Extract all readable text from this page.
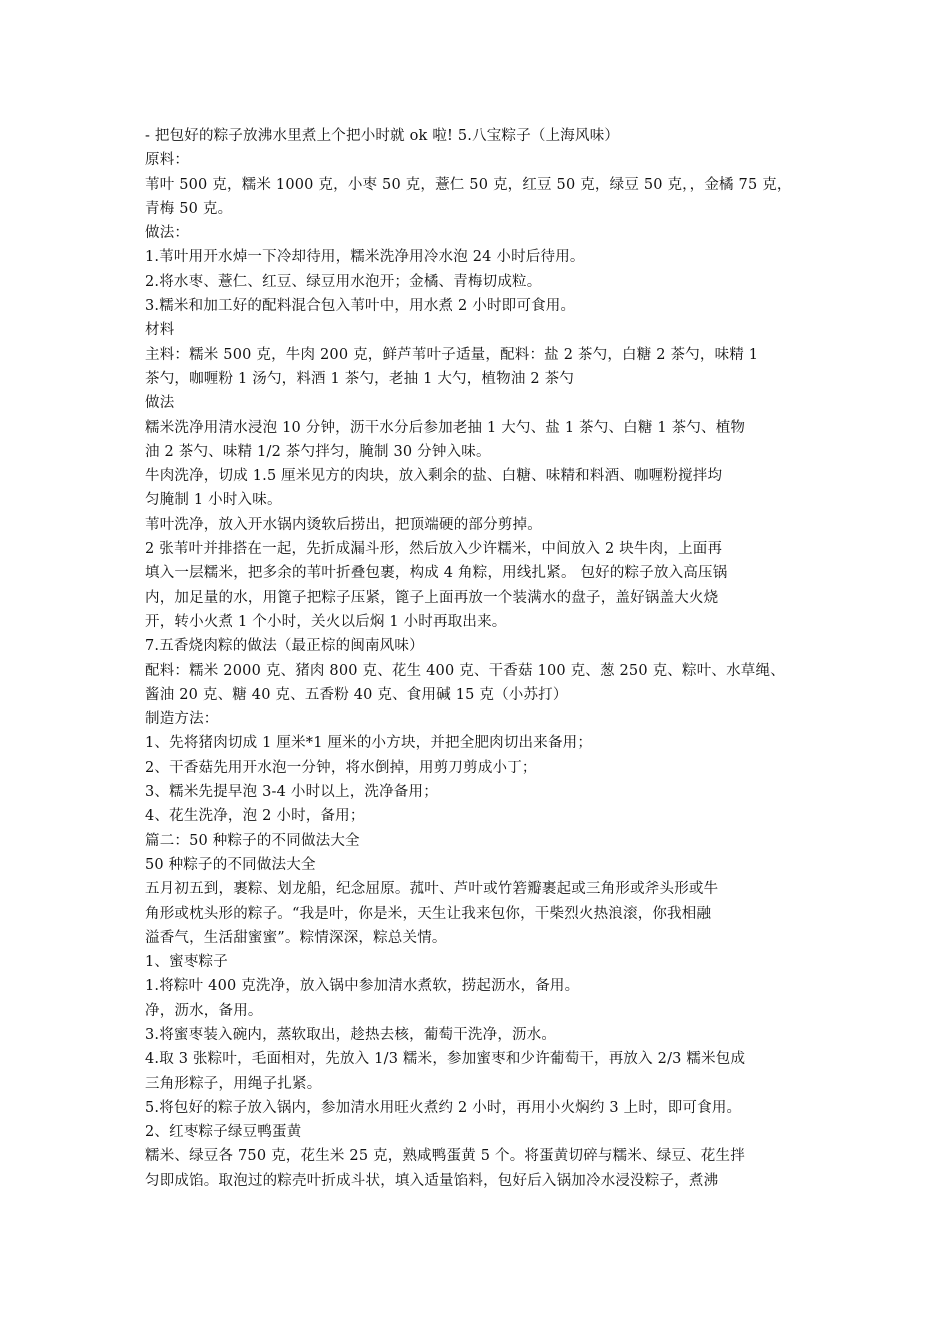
- 把包好的粽子放沸水里煮上个把小时就 ok 啦! 5.八宝粽子（上海风味）
原料：
苇叶 500 克，糯米 1000 克，小枣 50 克，薏仁 50 克，红豆 50 克，绿豆 50 克，，金橘 75 克，
青梅 50 克。
做法：
1.苇叶用开水焯一下冷却待用，糯米洗净用冷水泡 24 小时后待用。
2.将水枣、薏仁、红豆、绿豆用水泡开；金橘、青梅切成粒。
3.糯米和加工好的配料混合包入苇叶中，用水煮 2 小时即可食用。
材料
主料：糯米 500 克，牛肉 200 克，鲜芦苇叶子适量，配料：盐 2 茶勺，白糖 2 茶勺，味精 1
茶勺，咖喱粉 1 汤勺，料酒 1 茶勺，老抽 1 大勺，植物油 2 茶勺
做法
糯米洗净用清水浸泡 10 分钟，沥干水分后参加老抽 1 大勺、盐 1 茶勺、白糖 1 茶勺、植物
油 2 茶勺、味精 1/2 茶勺拌匀，腌制 30 分钟入味。
牛肉洗净，切成 1.5 厘米见方的肉块，放入剩余的盐、白糖、味精和料酒、咖喱粉搅拌均
匀腌制 1 小时入味。
苇叶洗净，放入开水锅内烫软后捞出，把顶端硬的部分剪掉。
2 张苇叶并排搭在一起，先折成漏斗形，然后放入少许糯米，中间放入 2 块牛肉，上面再
填入一层糯米，把多余的苇叶折叠包裹，构成 4 角粽，用线扎紧。 包好的粽子放入高压锅
内，加足量的水，用篦子把粽子压紧，篦子上面再放一个装满水的盘子，盖好锅盖大火烧
开，转小火煮 1 个小时，关火以后焖 1 小时再取出来。
7.五香烧肉粽的做法（最正棕的闽南风味）
配料：糯米 2000 克、猪肉 800 克、花生 400 克、干香菇 100 克、葱 250 克、粽叶、水草绳、
酱油 20 克、糖 40 克、五香粉 40 克、食用碱 15 克（小苏打）
制造方法：
1、先将猪肉切成 1 厘米*1 厘米的小方块，并把全肥肉切出来备用；
2、干香菇先用开水泡一分钟，将水倒掉，用剪刀剪成小丁；
3、糯米先提早泡 3-4 小时以上，洗净备用；
4、花生洗净，泡 2 小时，备用；
篇二：50 种粽子的不同做法大全
50 种粽子的不同做法大全
五月初五到，裹粽、划龙船，纪念屈原。菰叶、芦叶或竹箬瓣裹起或三角形或斧头形或牛
角形或枕头形的粽子。“我是叶，你是米，天生让我来包你，干柴烈火热浪滚，你我相融
溢香气，生活甜蜜蜜”。粽情深深，粽总关情。
1、蜜枣粽子
1.将粽叶 400 克洗净，放入锅中参加清水煮软，捞起沥水，备用。
净，沥水，备用。
3.将蜜枣装入碗内，蒸软取出，趁热去核，葡萄干洗净，沥水。
4.取 3 张粽叶，毛面相对，先放入 1/3 糯米，参加蜜枣和少许葡萄干，再放入 2/3 糯米包成
三角形粽子，用绳子扎紧。
5.将包好的粽子放入锅内，参加清水用旺火煮约 2 小时，再用小火焖约 3 上时，即可食用。
2、红枣粽子绿豆鸭蛋黄
糯米、绿豆各 750 克，花生米 25 克，熟咸鸭蛋黄 5 个。将蛋黄切碎与糯米、绿豆、花生拌
匀即成馅。取泡过的粽壳叶折成斗状，填入适量馅料，包好后入锅加冷水浸没粽子，煮沸
